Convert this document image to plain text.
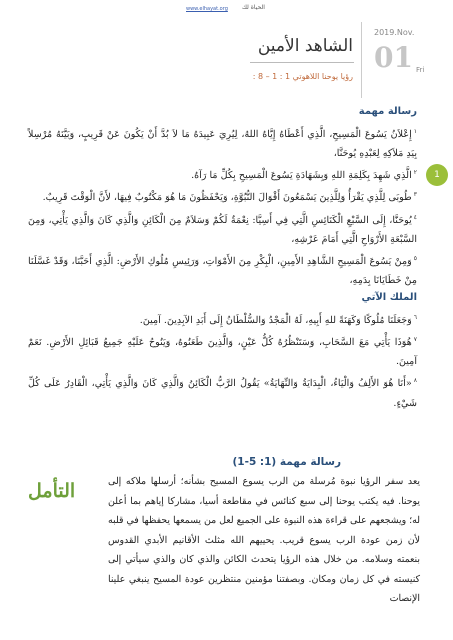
www.elhayat.org الحياة لك
2019.Nov.
01 Fri
الشاهد الأمين
رؤيا يوحنا اللاهوتي 1 : 1 – 8 :
رسالة مهمة

$^١$إِعْلاَنُ يَسُوعَ الْمَسِيحِ، الَّذِي أَعْطَاهُ إِيَّاهُ اللهُ، لِيُرِيَ عَبِيدَهُ مَا لاَ بُدَّ أَنْ يَكُونَ عَنْ قَرِيبٍ، وَبَيَّنَهُ مُرْسِلاً بِيَدِ مَلاَكِهِ لِعَبْدِهِ يُوحَنَّا،

$^٢$الَّذِي شَهِدَ بِكَلِمَةِ اللهِ وَبِشَهَادَةِ يَسُوعَ الْمَسِيحِ بِكُلِّ مَا رَآهُ.

$^٣$طُوبَى لِلَّذِي يَقْرَأُ وَلِلَّذِينَ يَسْمَعُونَ أَقْوَالَ النُّبُوَّةِ، وَيَحْفَظُونَ مَا هُوَ مَكْتُوبٌ فِيهَا، لأَنَّ الْوَقْتَ قَرِيبٌ.

$^٤$يُوحَنَّا، إِلَى السَّبْعِ الْكَنَائِسِ الَّتِي فِي أَسِيَّا: نِعْمَةٌ لَكُمْ وَسَلاَمٌ مِنَ الْكَائِنِ وَالَّذِي كَانَ وَالَّذِي يَأْتِي، وَمِنَ السَّبْعَةِ الأَرْوَاحِ الَّتِي أَمَامَ عَرْشِهِ،

$^٥$وَمِنْ يَسُوعَ الْمَسِيحِ الشَّاهِدِ الأَمِينِ، الْبِكْرِ مِنَ الأَمْوَاتِ، وَرَئِيسِ مُلُوكِ الأَرْضِ: الَّذِي أَحَبَّنَا، وَقَدْ غَسَّلَنَا مِنْ خَطَايَانَا بِدَمِهِ،

1
الملك الآتي

$^٦$وَجَعَلَنَا مُلُوكًا وَكَهَنَةً للهِ أَبِيهِ، لَهُ الْمَجْدُ وَالسُّلْطَانُ إِلَى أَبَدِ الآبِدِينَ. آمِينَ.

$^٧$هُوَذَا يَأْتِي مَعَ السَّحَابِ، وَسَتَنْظُرُهُ كُلُّ عَيْنٍ، وَالَّذِينَ طَعَنُوهُ، وَيَنُوحُ عَلَيْهِ جَمِيعُ قَبَائِلِ الأَرْضِ. نَعَمْ آمِينَ.

$^٨$«أَنَا هُوَ الأَلِفُ وَالْيَاءُ، الْبِدَايَةُ وَالنِّهَايَةُ» يَقُولُ الرَّبُّ الْكَائِنُ وَالَّذِي كَانَ وَالَّذِي يَأْتِي، الْقَادِرُ عَلَى كُلِّ شَيْءٍ.

التأمل
رسالة مهمة (1: 5-1)
يعد سفر الرؤيا نبوة مُرسلة من الرب يسوع المسيح بشأنه؛ أرسلها ملاكه إلى يوحنا. فيه يكتب يوحنا إلى سبع كنائس في مقاطعة أسيا، مشاركا إياهم بما أعلن له؛ ويشجعهم على قراءة هذه النبوة على الجميع لعل من يسمعها يحفظها في قلبه لأن زمن عودة الرب يسوع قريب. يحييهم الله مثلث الأقانيم الأبدي القدوس بنعمته وسلامه. من خلال هذه الرؤيا يتحدث الكائن والذي كان والذي سيأتي إلى كنيسته في كل زمان ومكان. وبصفتنا مؤمنين منتظرين عودة المسيح ينبغي علينا الإنصات
